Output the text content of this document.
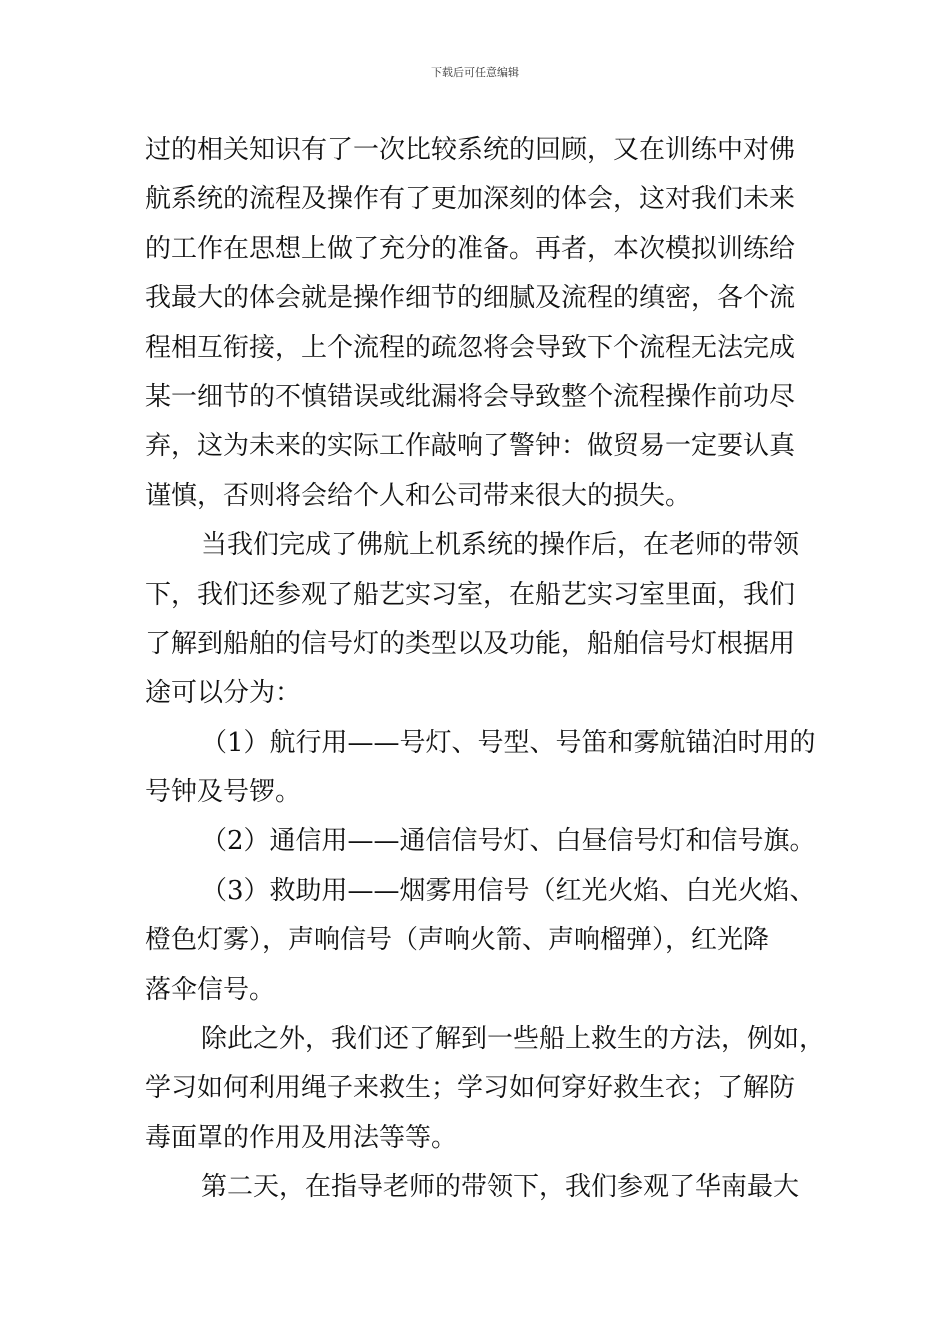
下载后可任意编辑
过的相关知识有了一次比较系统的回顾，又在训练中对佛
航系统的流程及操作有了更加深刻的体会，这对我们未来
的工作在思想上做了充分的准备。再者，本次模拟训练给
我最大的体会就是操作细节的细腻及流程的缜密，各个流
程相互衔接，上个流程的疏忽将会导致下个流程无法完成
某一细节的不慎错误或纰漏将会导致整个流程操作前功尽
弃，这为未来的实际工作敲响了警钟：做贸易一定要认真
谨慎，否则将会给个人和公司带来很大的损失。
当我们完成了佛航上机系统的操作后，在老师的带领
下，我们还参观了船艺实习室，在船艺实习室里面，我们
了解到船舶的信号灯的类型以及功能，船舶信号灯根据用
途可以分为：
（1）航行用——号灯、号型、号笛和雾航锚泊时用的
号钟及号锣。
（2）通信用——通信信号灯、白昼信号灯和信号旗。
（3）救助用——烟雾用信号（红光火焰、白光火焰、
橙色灯雾），声响信号（声响火箭、声响榴弹），红光降
落伞信号。
除此之外，我们还了解到一些船上救生的方法，例如，
学习如何利用绳子来救生；学习如何穿好救生衣；了解防
毒面罩的作用及用法等等。
第二天，在指导老师的带领下，我们参观了华南最大
